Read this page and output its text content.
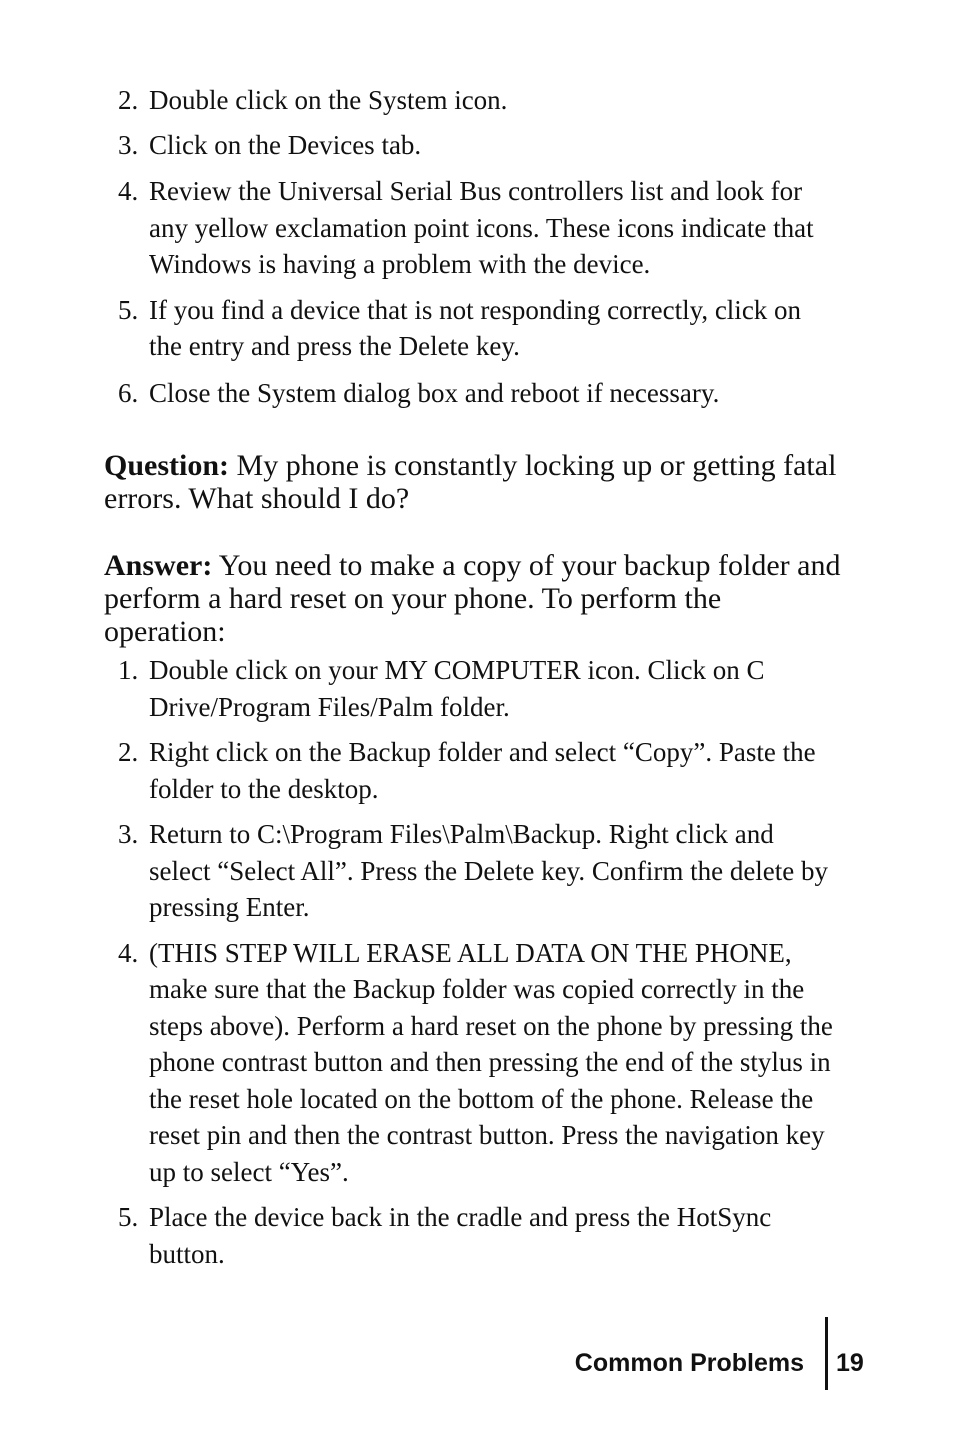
2. Double click on the System icon.
3. Click on the Devices tab.
4. Review the Universal Serial Bus controllers list and look for any yellow exclamation point icons. These icons indicate that Windows is having a problem with the device.
5. If you find a device that is not responding correctly, click on the entry and press the Delete key.
6. Close the System dialog box and reboot if necessary.

Question: My phone is constantly locking up or getting fatal errors. What should I do?

Answer: You need to make a copy of your backup folder and perform a hard reset on your phone. To perform the operation:

1. Double click on your MY COMPUTER icon. Click on C Drive/Program Files/Palm folder.
2. Right click on the Backup folder and select “Copy”. Paste the folder to the desktop.
3. Return to C:\Program Files\Palm\Backup. Right click and select “Select All”. Press the Delete key. Confirm the delete by pressing Enter.
4. (THIS STEP WILL ERASE ALL DATA ON THE PHONE, make sure that the Backup folder was copied correctly in the steps above). Perform a hard reset on the phone by pressing the phone contrast button and then pressing the end of the stylus in the reset hole located on the bottom of the phone. Release the reset pin and then the contrast button. Press the navigation key up to select “Yes”.
5. Place the device back in the cradle and press the HotSync button.
Common Problems 19
